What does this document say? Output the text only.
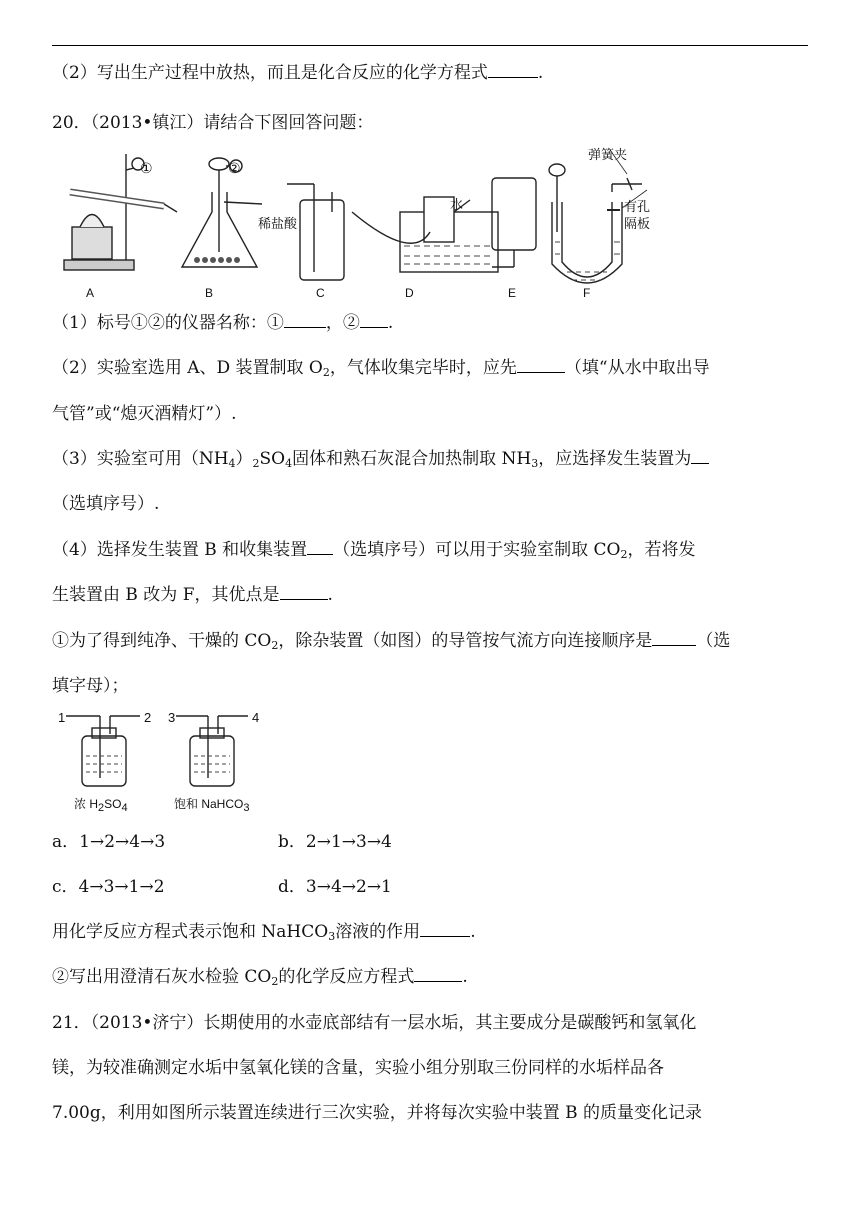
（2）写出生产过程中放热，而且是化合反应的化学方程式	.
20．（2013•镇江）请结合下图回答问题：
①	②
稀盐酸
水
弹簧夹
有孔
隔板
A	B	C	D	E	F
（1）标号①②的仪器名称：① ，② .
（2）实验室选用 A、D 装置制取 $O_2$，气体收集完毕时，应先	（填“从水中取出导
气管”或“熄灭酒精灯”）.
（3）实验室可用$(NH_4)_2SO_4$固体和熟石灰混合加热制取 $NH_3$，应选择发生装置为
（选填序号）.
（4）选择发生装置 B 和收集装置 （选填序号）可以用于实验室制取 $CO_2$，若将发
生装置由 B 改为 F，其优点是	.
①为了得到纯净、干燥的 $CO_2$，除杂装置（如图）的导管按气流方向连接顺序是	（选
填字母）；
1	2 3	4
浓 $H_2SO_4$	饱和 NaHCO$_3$
a．1→2→4→3	b．2→1→3→4
c．4→3→1→2	d．3→4→2→1
用化学反应方程式表示饱和 NaHCO$_3$溶液的作用	.
②写出用澄清石灰水检验 $CO_2$的化学反应方程式	.
21．（2013•济宁）长期使用的水壶底部结有一层水垢，其主要成分是碳酸钙和氢氧化
镁，为较准确测定水垢中氢氧化镁的含量，实验小组分别取三份同样的水垢样品各
7.00g，利用如图所示装置连续进行三次实验，并将每次实验中装置 B 的质量变化记录
